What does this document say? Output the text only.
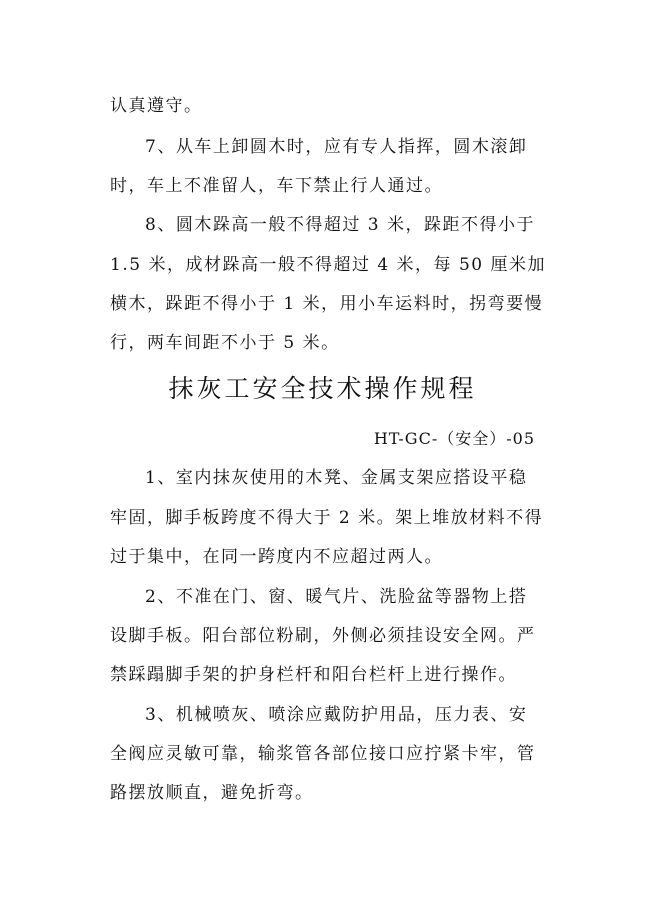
认真遵守。
7、从车上卸圆木时，应有专人指挥，圆木滚卸
时，车上不准留人，车下禁止行人通过。
8、圆木跺高一般不得超过 3 米，跺距不得小于
1.5 米，成材跺高一般不得超过 4 米，每 50 厘米加
横木，跺距不得小于 1 米，用小车运料时，拐弯要慢
行，两车间距不小于 5 米。
抹灰工安全技术操作规程
HT-GC-（安全）-05
1、室内抹灰使用的木凳、金属支架应搭设平稳
牢固，脚手板跨度不得大于 2 米。架上堆放材料不得
过于集中，在同一跨度内不应超过两人。
2、不准在门、窗、暖气片、洗脸盆等器物上搭
设脚手板。阳台部位粉刷，外侧必须挂设安全网。严
禁踩蹋脚手架的护身栏杆和阳台栏杆上进行操作。
3、机械喷灰、喷涂应戴防护用品，压力表、安
全阀应灵敏可靠，输浆管各部位接口应拧紧卡牢，管
路摆放顺直，避免折弯。
